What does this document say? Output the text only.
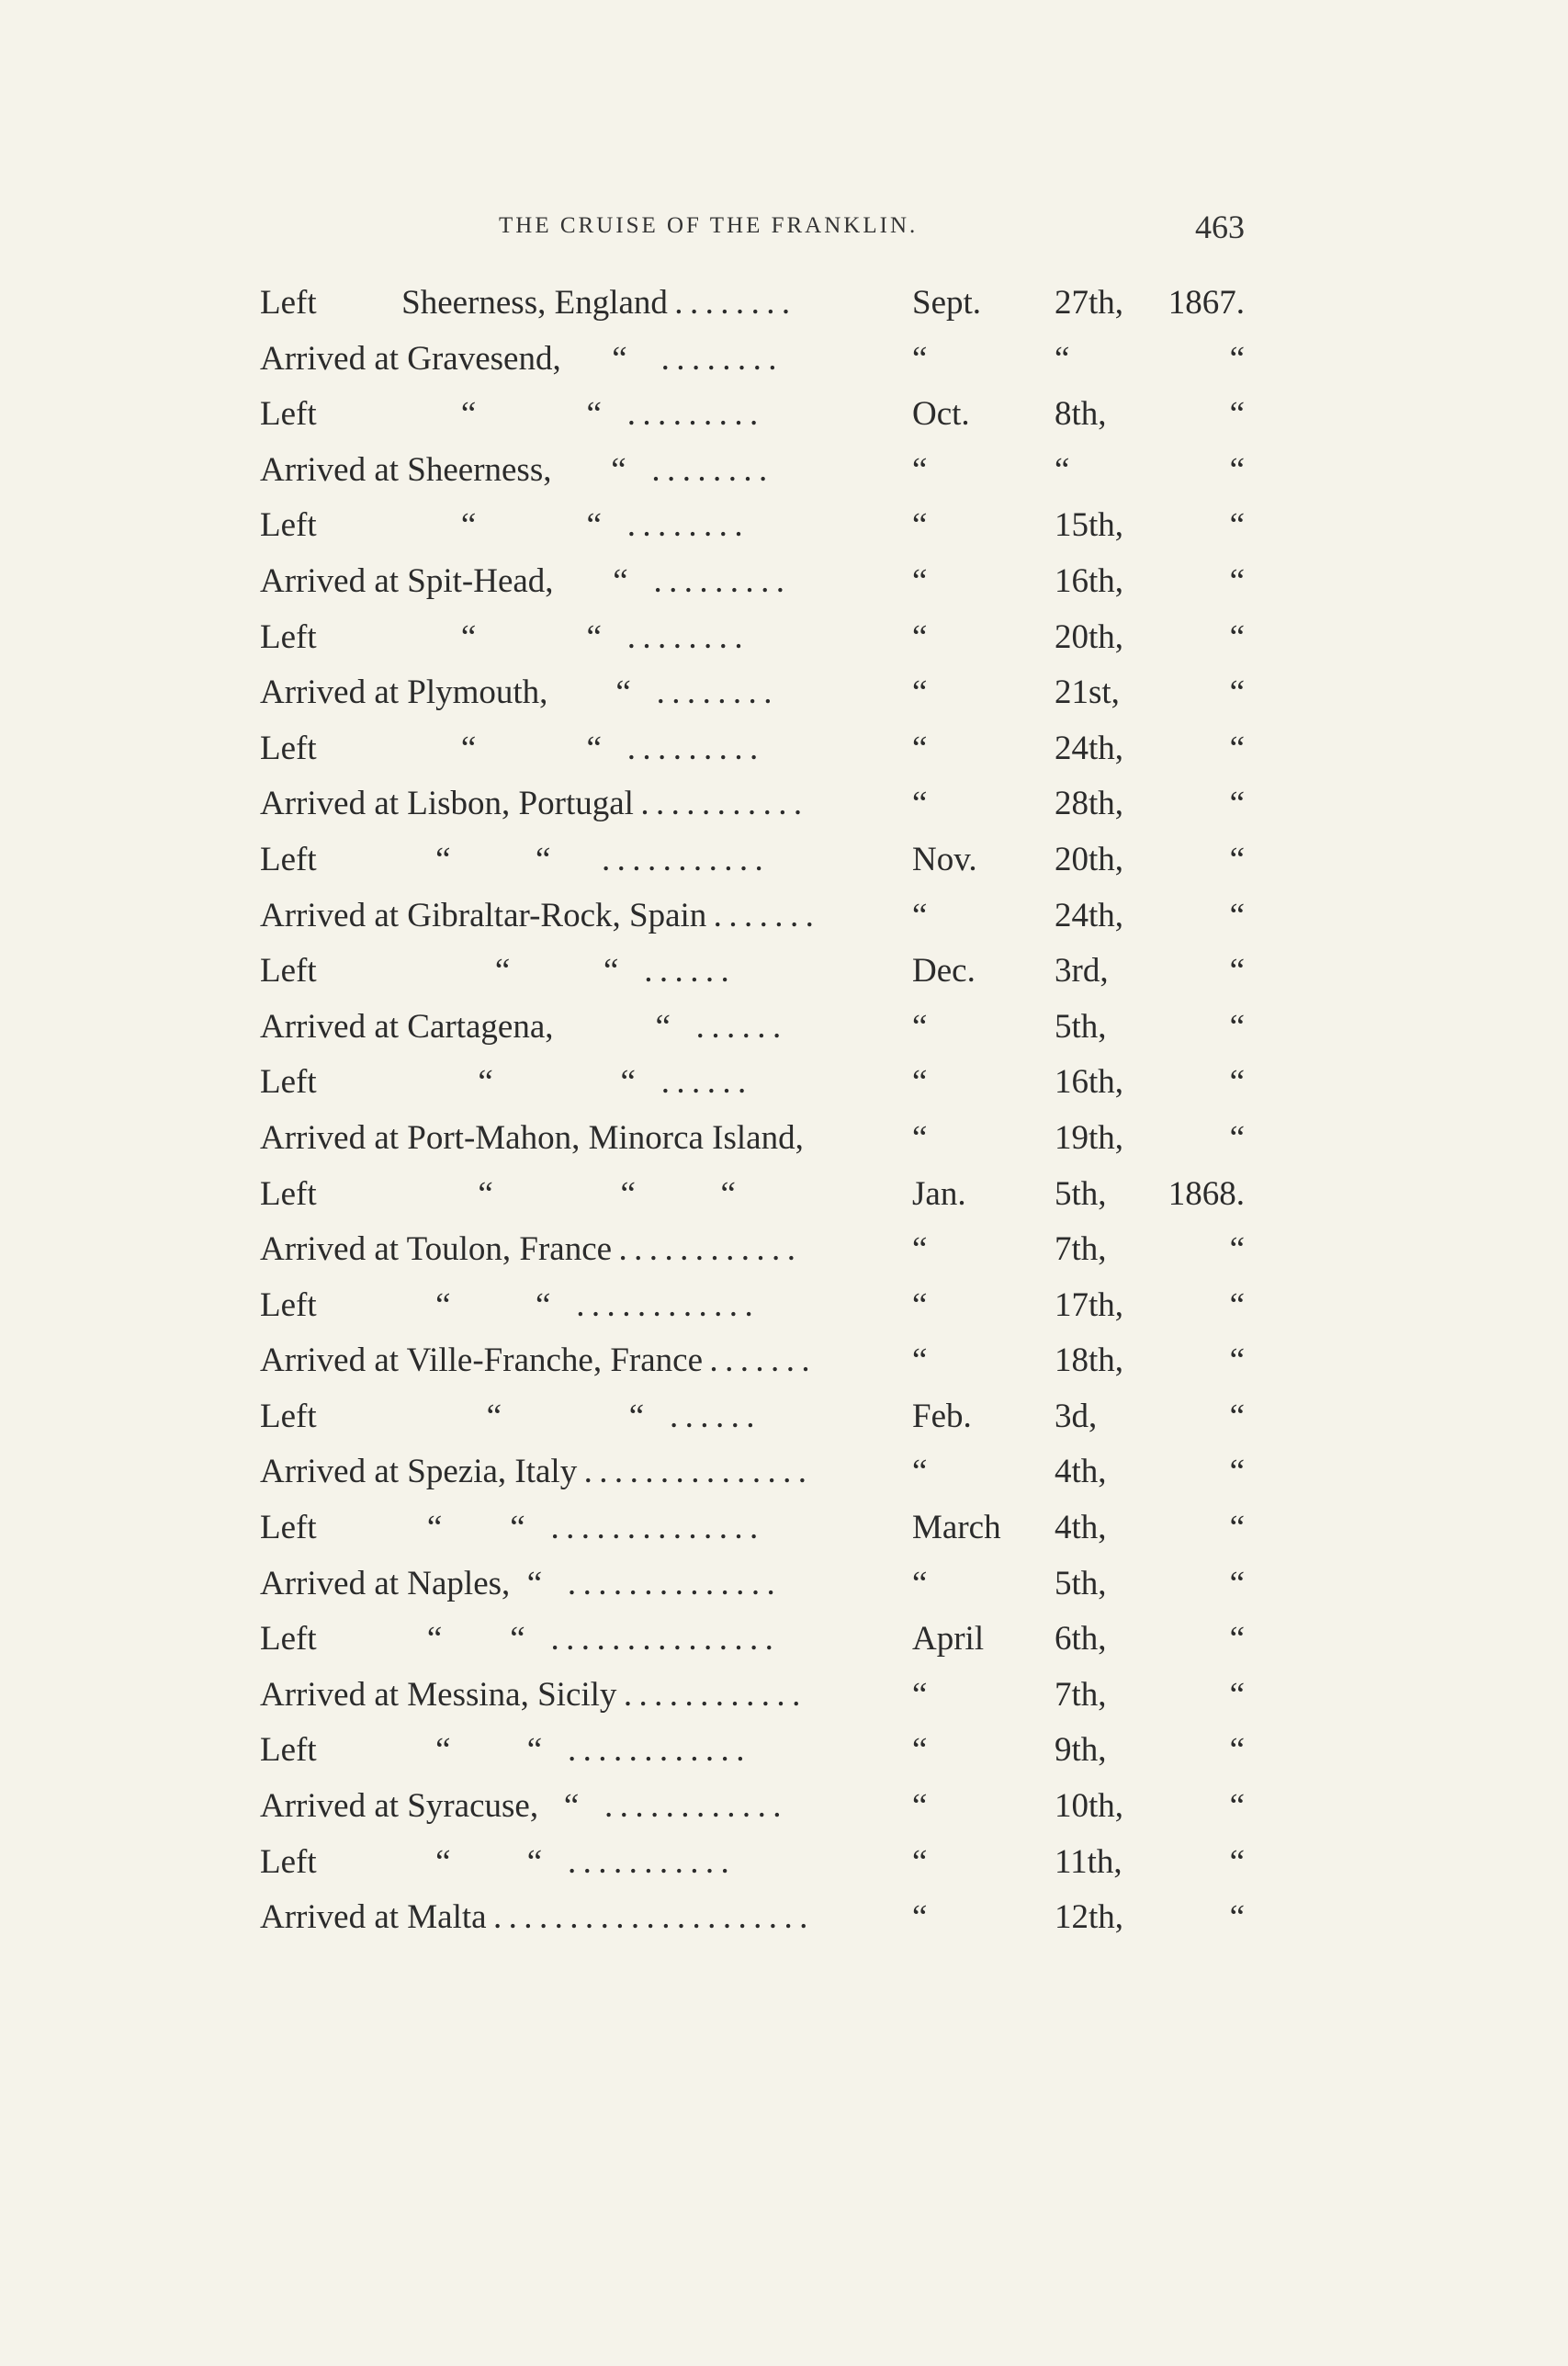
THE CRUISE OF THE FRANKLIN.	463
Left          Sheerness, England . . . . . . . .	Sept. 27th, 1867.
Arrived at Gravesend,      “    . . . . . . . .	“	“	“
Left                 “             “   . . . . . . . . .	Oct. 8th,	“
Arrived at Sheerness,       “   . . . . . . . .	“	“	“
Left                 “             “   . . . . . . . .	“	15th,	“
Arrived at Spit-Head,       “   . . . . . . . . .	“	16th,	“
Left                 “             “   . . . . . . . .	“	20th,	“
Arrived at Plymouth,        “   . . . . . . . .	“	21st,	“
Left                 “             “   . . . . . . . . .	“	24th,	“
Arrived at Lisbon, Portugal . . . . . . . . . . .	“	28th,	“
Left              “          “      . . . . . . . . . . .	Nov. 20th,	“
Arrived at Gibraltar-Rock, Spain . . . . . . .	“	24th,	“
Left                     “           “   . . . . . .	Dec. 3rd,	“
Arrived at Cartagena,            “   . . . . . .	“	5th,	“
Left                   “               “   . . . . . .	“	16th,	“
Arrived at Port-Mahon, Minorca Island,	“	19th,	“
Left                   “               “          “	Jan.	5th, 1868.
Arrived at Toulon, France . . . . . . . . . . . .	“	7th,	“
Left              “          “   . . . . . . . . . . . .	“	17th,	“
Arrived at Ville-Franche, France . . . . . . .	“	18th,	“
Left                    “               “   . . . . . .	Feb. 3d,	“
Arrived at Spezia, Italy . . . . . . . . . . . . . . .	“	4th,	“
Left             “        “   . . . . . . . . . . . . . .	March 4th,	“
Arrived at Naples,  “   . . . . . . . . . . . . . .	“	5th,	“
Left             “        “   . . . . . . . . . . . . . . .	April 6th,	“
Arrived at Messina, Sicily . . . . . . . . . . . .	“	7th,	“
Left              “         “   . . . . . . . . . . . .	“	9th,	“
Arrived at Syracuse,   “   . . . . . . . . . . . .	“	10th,	“
Left              “         “   . . . . . . . . . . .	“	11th,	“
Arrived at Malta . . . . . . . . . . . . . . . . . . . . .	“	12th,	“
